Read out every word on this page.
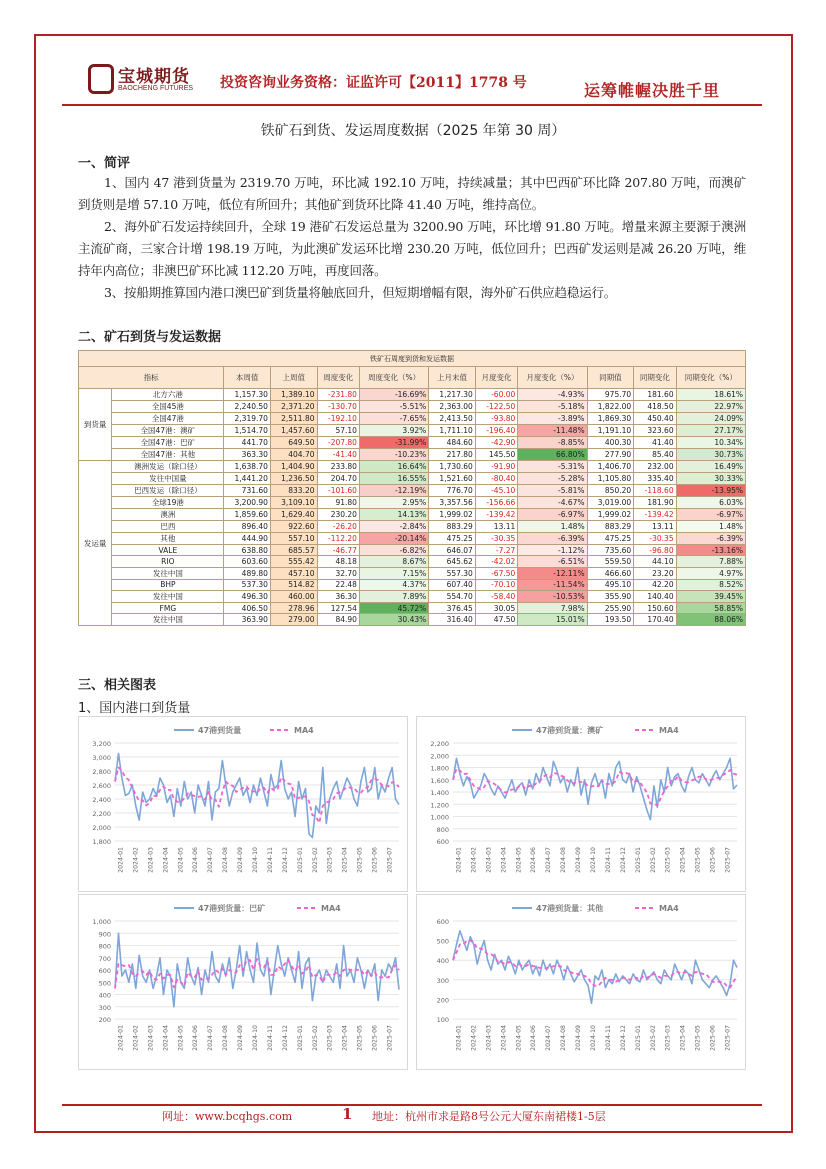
宝城期货
BAOCHENG FUTURES 投资咨询业务资格：证监许可【2011】1778 号	运筹帷幄决胜千里
铁矿石到货、发运周度数据（2025 年第 30 周）
一、简评
1、国内 47 港到货量为 2319.70 万吨，环比减 192.10 万吨，持续减量；其中巴西矿环比降 207.80 万吨，而澳矿到货则是增 57.10 万吨，低位有所回升；其他矿到货环比降 41.40 万吨，维持高位。
2、海外矿石发运持续回升，全球 19 港矿石发运总量为 3200.90 万吨，环比增 91.80 万吨。增量来源主要源于澳洲主流矿商，三家合计增 198.19 万吨，为此澳矿发运环比增 230.20 万吨，低位回升；巴西矿发运则是减 26.20 万吨，维持年内高位；非澳巴矿环比减 112.20 万吨，再度回落。
3、按船期推算国内港口澳巴矿到货量将触底回升，但短期增幅有限，海外矿石供应趋稳运行。
二、矿石到货与发运数据
铁矿石周度到货和发运数据											
指标		本周值	上周值	周度变化	周度变化（%）	上月末值	月度变化	月度变化（%）	同期值	同期变化	同期变化（%）
到货量	北方六港	1,157.30	1,389.10	-231.80	-16.69%	1,217.30	-60.00	-4.93%	975.70	181.60	18.61%
	全国45港	2,240.50	2,371.20	-130.70	-5.51%	2,363.00	-122.50	-5.18%	1,822.00	418.50	22.97%
	全国47港	2,319.70	2,511.80	-192.10	-7.65%	2,413.50	-93.80	-3.89%	1,869.30	450.40	24.09%
	全国47港：澳矿	1,514.70	1,457.60	57.10	3.92%	1,711.10	-196.40	-11.48%	1,191.10	323.60	27.17%
	全国47港：巴矿	441.70	649.50	-207.80	-31.99%	484.60	-42.90	-8.85%	400.30	41.40	10.34%
	全国47港：其他	363.30	404.70	-41.40	-10.23%	217.80	145.50	66.80%	277.90	85.40	30.73%
发运量	澳洲发运（除口径）	1,638.70	1,404.90	233.80	16.64%	1,730.60	-91.90	-5.31%	1,406.70	232.00	16.49%
	发往中国量	1,441.20	1,236.50	204.70	16.55%	1,521.60	-80.40	-5.28%	1,105.80	335.40	30.33%
	巴西发运（除口径）	731.60	833.20	-101.60	-12.19%	776.70	-45.10	-5.81%	850.20	-118.60	-13.95%
	全球19港	3,200.90	3,109.10	91.80	2.95%	3,357.56	-156.66	-4.67%	3,019.00	181.90	6.03%
	澳洲	1,859.60	1,629.40	230.20	14.13%	1,999.02	-139.42	-6.97%	1,999.02	-139.42	-6.97%
	巴西	896.40	922.60	-26.20	-2.84%	883.29	13.11	1.48%	883.29	13.11	1.48%
	其他	444.90	557.10	-112.20	-20.14%	475.25	-30.35	-6.39%	475.25	-30.35	-6.39%
	VALE	638.80	685.57	-46.77	-6.82%	646.07	-7.27	-1.12%	735.60	-96.80	-13.16%
	RIO	603.60	555.42	48.18	8.67%	645.62	-42.02	-6.51%	559.50	44.10	7.88%
	发往中国	489.80	457.10	32.70	7.15%	557.30	-67.50	-12.11%	466.60	23.20	4.97%
	BHP	537.30	514.82	22.48	4.37%	607.40	-70.10	-11.54%	495.10	42.20	8.52%
	发往中国	496.30	460.00	36.30	7.89%	554.70	-58.40	-10.53%	355.90	140.40	39.45%
	FMG	406.50	278.96	127.54	45.72%	376.45	30.05	7.98%	255.90	150.60	58.85%
	发往中国	363.90	279.00	84.90	30.43%	316.40	47.50	15.01%	193.50	170.40	88.06%
三、相关图表
1、国内港口到货量
3,200
3,000
2,800
2,600
2,400
2,200
2,000
1,800
2024-01 2024-02 2024-03 2024-04 2024-05 2024-06 2024-07 2024-08 2024-09 2024-10 2024-11 2024-12 2025-01 2025-02 2025-03 2025-04 2025-05 2025-06 2025-07
47港到货量	MA4
2,200
2,000
1,800
1,600
1,400
1,200
1,000
800
600
2024-01 2024-02 2024-03 2024-04 2024-05 2024-06 2024-07 2024-08 2024-09 2024-10 2024-11 2024-12 2025-01 2025-02 2025-03 2025-04 2025-05 2025-06 2025-07
47港到货量：澳矿	MA4
1,000
900
800
700
600
500
400
300
200
2024-01 2024-02 2024-03 2024-04 2024-05 2024-06 2024-07 2024-08 2024-09 2024-10 2024-11 2024-12 2025-01 2025-02 2025-03 2025-04 2025-05 2025-06 2025-07
47港到货量：巴矿	MA4
600
500
400
300
200
100
2024-01 2024-02 2024-03 2024-04 2024-05 2024-06 2024-07 2024-08 2024-09 2024-10 2024-11 2024-12 2025-01 2025-02 2025-03 2025-04 2025-05 2025-06 2025-07
47港到货量：其他	MA4
网址：www.bcqhgs.com	1 地址：杭州市求是路8号公元大厦东南裙楼1-5层
